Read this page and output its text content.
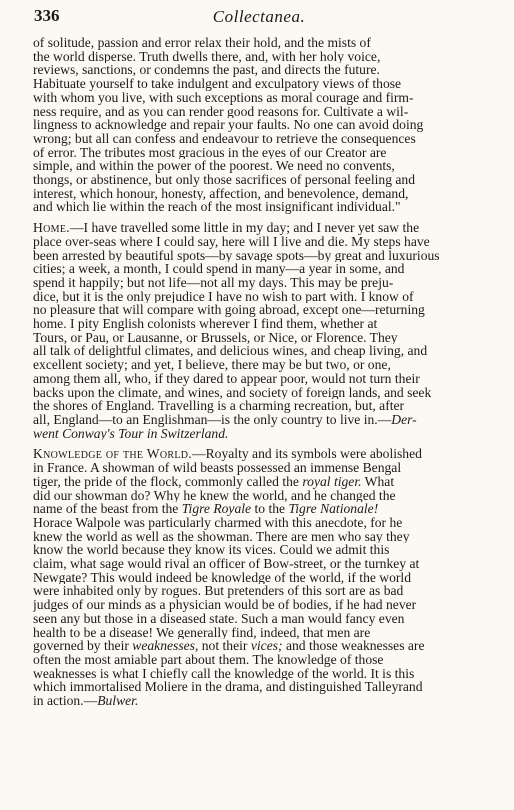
336	Collectanea.
of solitude, passion and error relax their hold, and the mists of
the world disperse. Truth dwells there, and, with her holy voice,
reviews, sanctions, or condemns the past, and directs the future.
Habituate yourself to take indulgent and exculpatory views of those
with whom you live, with such exceptions as moral courage and firm-
ness require, and as you can render good reasons for. Cultivate a wil-
lingness to acknowledge and repair your faults. No one can avoid doing
wrong; but all can confess and endeavour to retrieve the consequences
of error. The tributes most gracious in the eyes of our Creator are
simple, and within the power of the poorest. We need no convents,
thongs, or abstinence, but only those sacrifices of personal feeling and
interest, which honour, honesty, affection, and benevolence, demand,
and which lie within the reach of the most insignificant individual."
Home.—I have travelled some little in my day; and I never yet saw the
place over-seas where I could say, here will I live and die. My steps have
been arrested by beautiful spots—by savage spots—by great and luxurious
cities; a week, a month, I could spend in many—a year in some, and
spend it happily; but not life—not all my days. This may be preju-
dice, but it is the only prejudice I have no wish to part with. I know of
no pleasure that will compare with going abroad, except one—returning
home. I pity English colonists wherever I find them, whether at
Tours, or Pau, or Lausanne, or Brussels, or Nice, or Florence. They
all talk of delightful climates, and delicious wines, and cheap living, and
excellent society; and yet, I believe, there may be but two, or one,
among them all, who, if they dared to appear poor, would not turn their
backs upon the climate, and wines, and society of foreign lands, and seek
the shores of England. Travelling is a charming recreation, but, after
all, England—to an Englishman—is the only country to live in.—Der-
went Conway's Tour in Switzerland.
Knowledge of the World.—Royalty and its symbols were abolished
in France. A showman of wild beasts possessed an immense Bengal
tiger, the pride of the flock, commonly called the royal tiger. What
did our showman do? Why he knew the world, and he changed the
name of the beast from the Tigre Royale to the Tigre Nationale!
Horace Walpole was particularly charmed with this anecdote, for he
knew the world as well as the showman. There are men who say they
know the world because they know its vices. Could we admit this
claim, what sage would rival an officer of Bow-street, or the turnkey at
Newgate? This would indeed be knowledge of the world, if the world
were inhabited only by rogues. But pretenders of this sort are as bad
judges of our minds as a physician would be of bodies, if he had never
seen any but those in a diseased state. Such a man would fancy even
health to be a disease! We generally find, indeed, that men are
governed by their weaknesses, not their vices; and those weaknesses are
often the most amiable part about them. The knowledge of those
weaknesses is what I chiefly call the knowledge of the world. It is this
which immortalised Moliere in the drama, and distinguished Talleyrand
in action.—Bulwer.
